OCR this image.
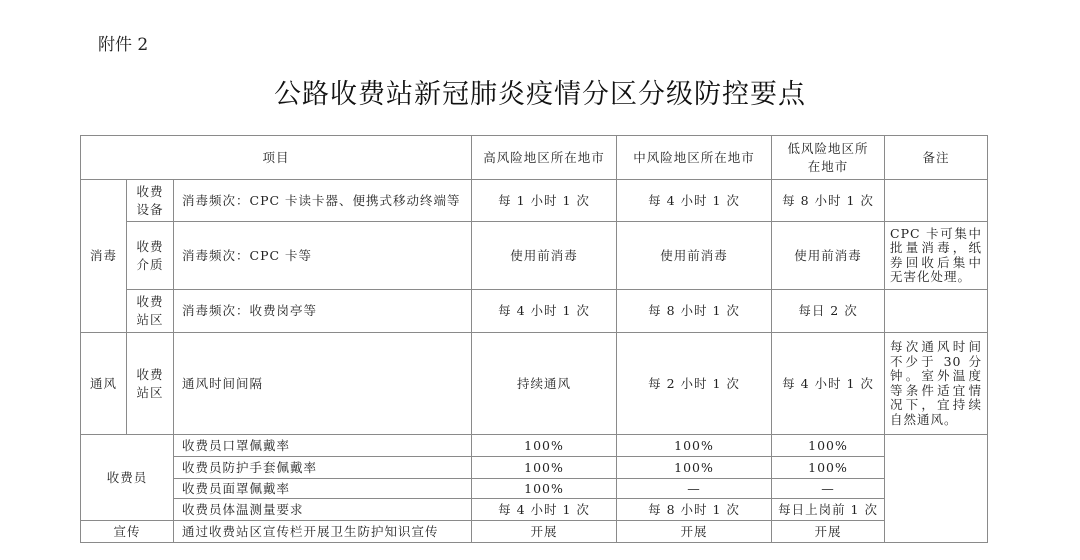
附件 2
公路收费站新冠肺炎疫情分区分级防控要点
项目			高风险地区所在地市	中风险地区所在地市	低风险地区所在地市	备注
消毒	收费设备	消毒频次：CPC 卡读卡器、便携式移动终端等	每 1 小时 1 次	每 4 小时 1 次	每 8 小时 1 次	
	收费介质	消毒频次：CPC 卡等	使用前消毒	使用前消毒	使用前消毒	CPC 卡可集中批量消毒，纸券回收后集中无害化处理。
	收费站区	消毒频次：收费岗亭等	每 4 小时 1 次	每 8 小时 1 次	每日 2 次	
通风	收费站区	通风时间间隔	持续通风	每 2 小时 1 次	每 4 小时 1 次	每次通风时间不少于 30 分钟。室外温度等条件适宜情况下，宜持续自然通风。
收费员		收费员口罩佩戴率	100%	100%	100%	
		收费员防护手套佩戴率	100%	100%	100%	
		收费员面罩佩戴率	100%	—	—	
		收费员体温测量要求	每 4 小时 1 次	每 8 小时 1 次	每日上岗前 1 次	
宣传		通过收费站区宣传栏开展卫生防护知识宣传	开展	开展	开展	
